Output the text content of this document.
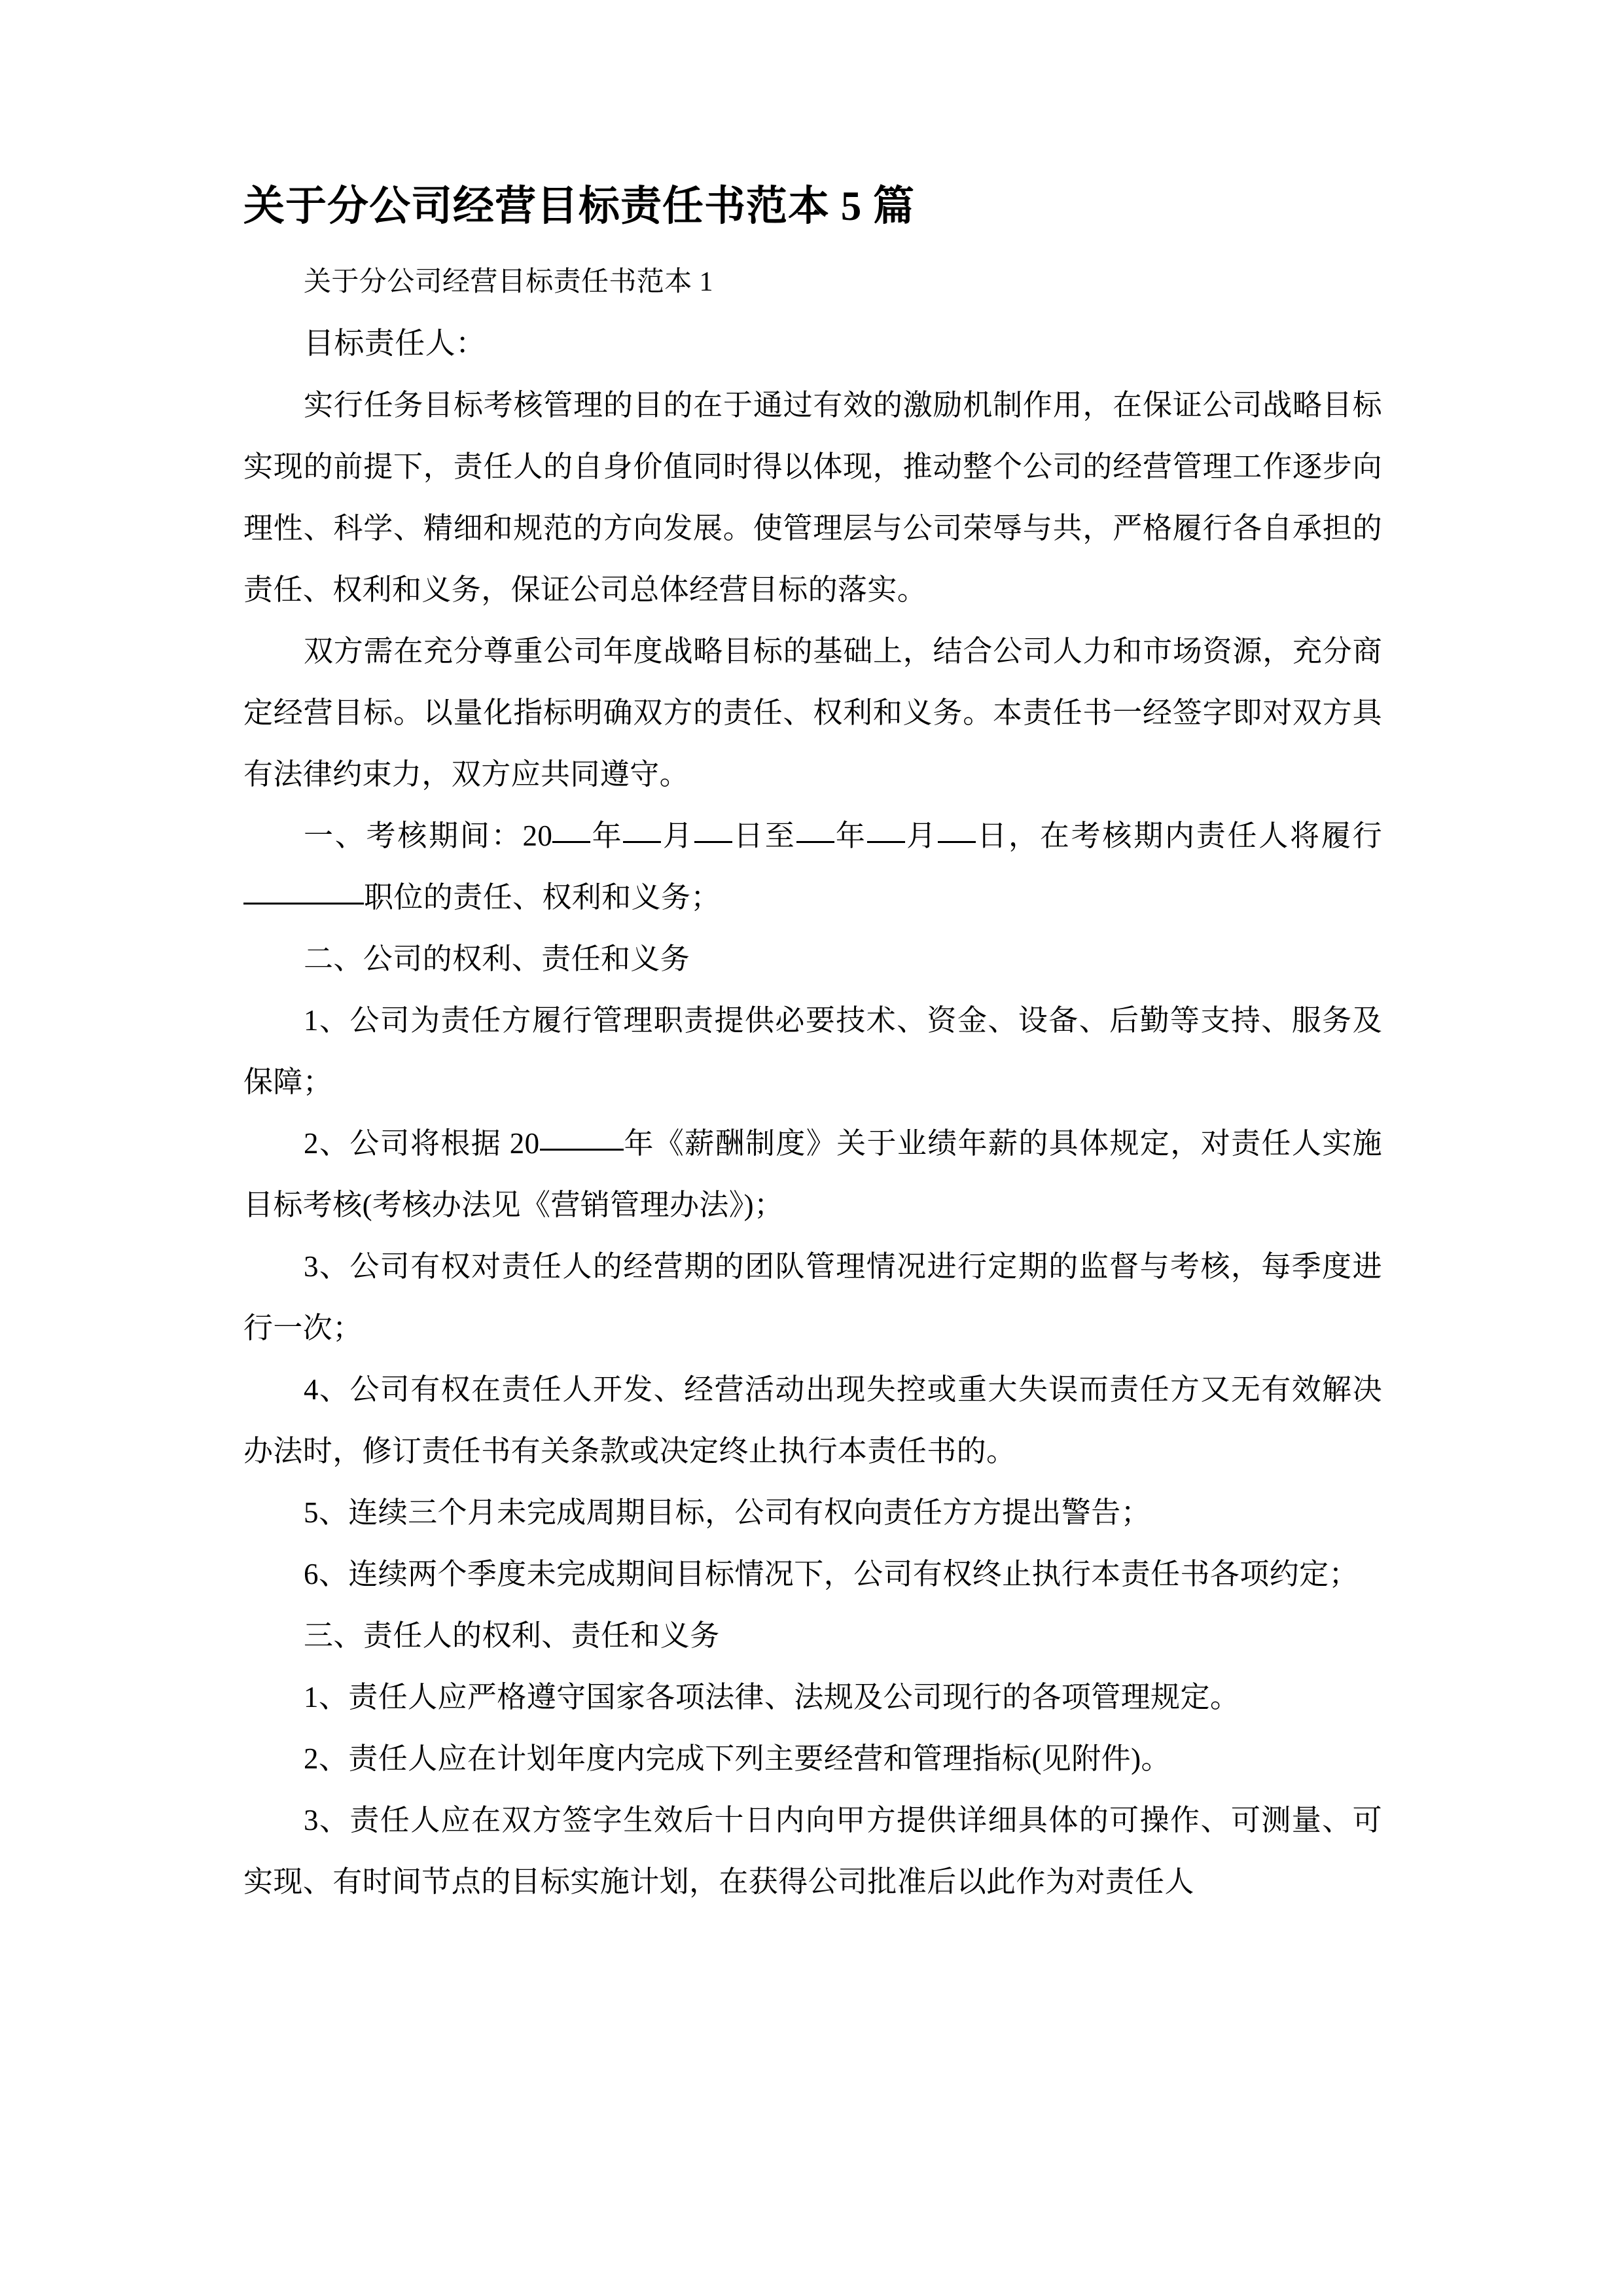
关于分公司经营目标责任书范本 5 篇

关于分公司经营目标责任书范本 1

目标责任人：

实行任务目标考核管理的目的在于通过有效的激励机制作用，在保证公司战略目标实现的前提下，责任人的自身价值同时得以体现，推动整个公司的经营管理工作逐步向理性、科学、精细和规范的方向发展。使管理层与公司荣辱与共，严格履行各自承担的责任、权利和义务，保证公司总体经营目标的落实。

双方需在充分尊重公司年度战略目标的基础上，结合公司人力和市场资源，充分商定经营目标。以量化指标明确双方的责任、权利和义务。本责任书一经签字即对双方具有法律约束力，双方应共同遵守。

一、考核期间：20 年 月 日至 年 月 日，在考核期内责任人将履行职位的责任、权利和义务；

二、公司的权利、责任和义务

1、公司为责任方履行管理职责提供必要技术、资金、设备、后勤等支持、服务及保障；

2、公司将根据 20	年《薪酬制度》关于业绩年薪的具体规定，对责任人实施目标考核(考核办法见《营销管理办法》)；

3、公司有权对责任人的经营期的团队管理情况进行定期的监督与考核，每季度进行一次；

4、公司有权在责任人开发、经营活动出现失控或重大失误而责任方又无有效解决办法时，修订责任书有关条款或决定终止执行本责任书的。

5、连续三个月未完成周期目标，公司有权向责任方方提出警告；

6、连续两个季度未完成期间目标情况下，公司有权终止执行本责任书各项约定；

三、责任人的权利、责任和义务

1、责任人应严格遵守国家各项法律、法规及公司现行的各项管理规定。

2、责任人应在计划年度内完成下列主要经营和管理指标(见附件)。

3、责任人应在双方签字生效后十日内向甲方提供详细具体的可操作、可测量、可实现、有时间节点的目标实施计划，在获得公司批准后以此作为对责任人
